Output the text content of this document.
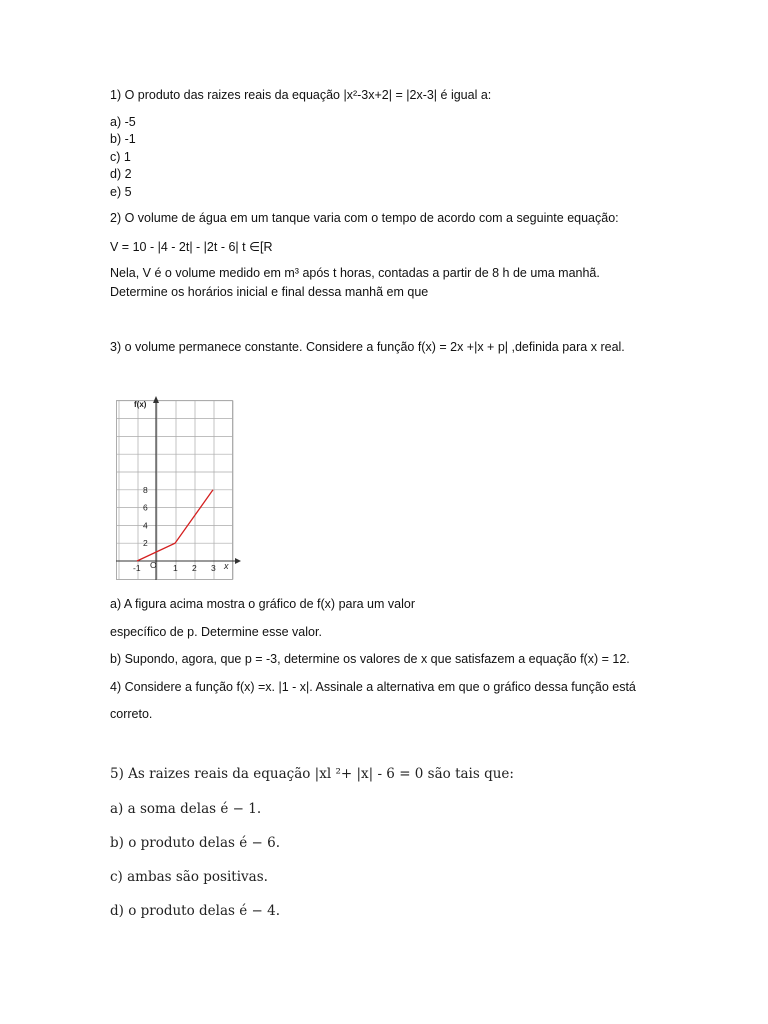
1) O produto das raizes reais da equação |x²-3x+2| = |2x-3| é igual a:
a) -5
b) -1
c) 1
d) 2
e) 5
2) O volume de água em um tanque varia com o tempo de acordo com a seguinte equação:
V = 10 - |4 - 2t| - |2t - 6| t ∈[R
Nela, V é o volume medido em m³ após t horas, contadas a partir de 8 h de uma manhã.
Determine os horários inicial e final dessa manhã em que
3) o volume permanece constante. Considere a função f(x) = 2x +|x + p| ,definida para x real.
-1 O 1 2 3
2
4
6
8
f(x)
x
a) A figura acima mostra o gráfico de f(x) para um valor
específico de p. Determine esse valor.
b) Supondo, agora, que p = -3, determine os valores de x que satisfazem a equação f(x) = 12.
4) Considere a função f(x) =x. |1 - x|. Assinale a alternativa em que o gráfico dessa função está
correto.
5) As raizes reais da equação |xl ²+ |x| - 6 = 0 são tais que:
a) a soma delas é − 1.
b) o produto delas é − 6.
c) ambas são positivas.
d) o produto delas é − 4.
